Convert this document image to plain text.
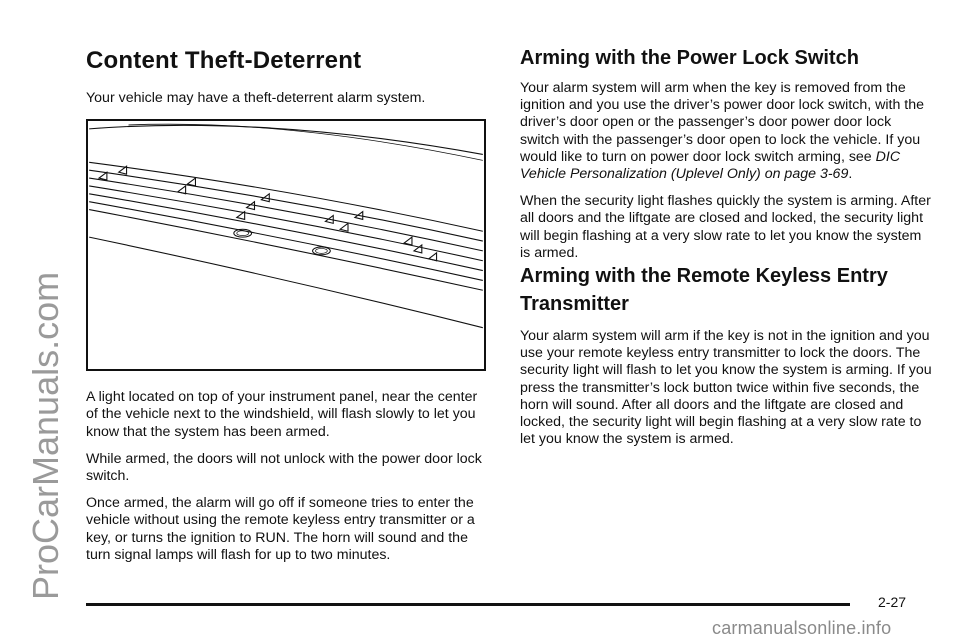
ProCarManuals.com
Content Theft-Deterrent

Your vehicle may have a theft-deterrent alarm system.

A light located on top of your instrument panel, near the center of the vehicle next to the windshield, will flash slowly to let you know that the system has been armed.

While armed, the doors will not unlock with the power door lock switch.

Once armed, the alarm will go off if someone tries to enter the vehicle without using the remote keyless entry transmitter or a key, or turns the ignition to RUN. The horn will sound and the turn signal lamps will flash for up to two minutes.

Arming with the Power Lock Switch

Your alarm system will arm when the key is removed from the ignition and you use the driver’s power door lock switch, with the driver’s door open or the passenger’s door power door lock switch with the passenger’s door open to lock the vehicle. If you would like to turn on power door lock switch arming, see DIC Vehicle Personalization (Uplevel Only) on page 3-69.

When the security light flashes quickly the system is arming. After all doors and the liftgate are closed and locked, the security light will begin flashing at a very slow rate to let you know the system is armed.

Arming with the Remote Keyless Entry Transmitter

Your alarm system will arm if the key is not in the ignition and you use your remote keyless entry transmitter to lock the doors. The security light will flash to let you know the system is arming. If you press the transmitter’s lock button twice within five seconds, the horn will sound. After all doors and the liftgate are closed and locked, the security light will begin flashing at a very slow rate to let you know the system is armed.

2-27
carmanualsonline.info
